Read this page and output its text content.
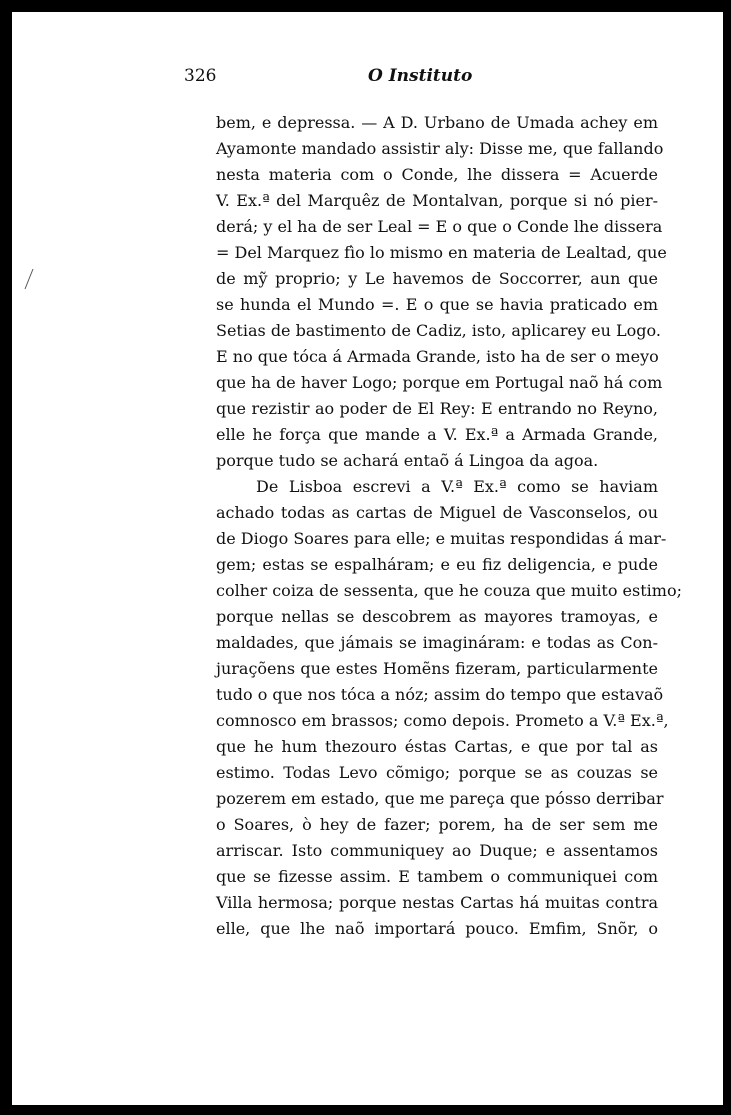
326	O Instituto

bem, e depressa. — A D. Urbano de Umada achey em
Ayamonte mandado assistir aly: Disse me, que fallando
nesta materia com o Conde, lhe dissera = Acuerde
V. Ex.ª del Marquêz de Montalvan, porque si nó pier-
derá; y el ha de ser Leal = E o que o Conde lhe dissera
= Del Marquez fìo lo mismo en materia de Lealtad, que
de mỹ proprio; y Le havemos de Soccorrer, aun que
se hunda el Mundo =. E o que se havia praticado em
Setias de bastimento de Cadiz, isto, aplicarey eu Logo.
E no que tóca á Armada Grande, isto ha de ser o meyo
que ha de haver Logo; porque em Portugal naõ há com
que rezistir ao poder de El Rey: E entrando no Reyno,
elle he força que mande a V. Ex.ª a Armada Grande,
porque tudo se achará entaõ á Lingoa da agoa.
De Lisboa escrevi a V.ª Ex.ª como se haviam
achado todas as cartas de Miguel de Vasconselos, ou
de Diogo Soares para elle; e muitas respondidas á mar-
gem; estas se espalháram; e eu fiz deligencia, e pude
colher coiza de sessenta, que he couza que muito estimo;
porque nellas se descobrem as mayores tramoyas, e
maldades, que jámais se imagináram: e todas as Con-
juraçõens que estes Homẽns fizeram, particularmente
tudo o que nos tóca a nóz; assim do tempo que estavaõ
comnosco em brassos; como depois. Prometo a V.ª Ex.ª,
que he hum thezouro éstas Cartas, e que por tal as
estimo. Todas Levo cõmigo; porque se as couzas se
pozerem em estado, que me pareça que pósso derribar
o Soares, ò hey de fazer; porem, ha de ser sem me
arriscar. Isto communiquey ao Duque; e assentamos
que se fizesse assim. E tambem o communiquei com
Villa hermosa; porque nestas Cartas há muitas contra
elle, que lhe naõ importará pouco. Emfim, Snõr, o
